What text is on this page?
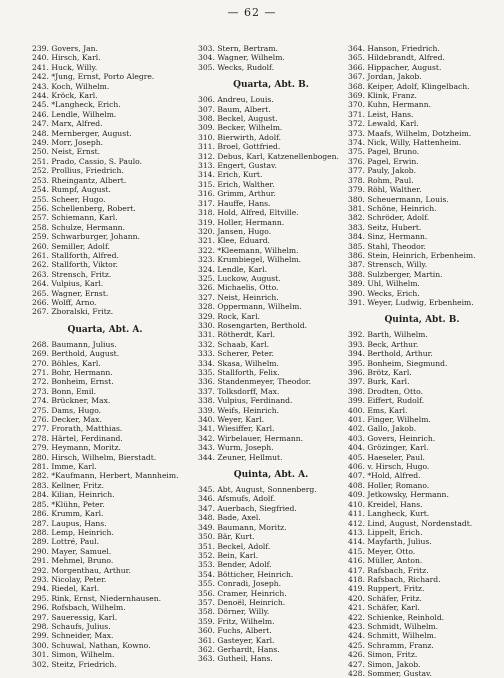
— 62 —
239. Govers, Jan.
240. Hirsch, Karl.
241. Huck, Willy.
242. *Jung, Ernst, Porto Alegre.
243. Koch, Wilhelm.
244. Kröck, Karl.
245. *Langheck, Erich.
246. Lendle, Wilhelm.
247. Marx, Alfred.
248. Mernberger, August.
249. Morr, Joseph.
250. Neist, Ernst.
251. Prado, Cassio, S. Paulo.
252. Prollius, Friedrich.
253. Rheingantz, Albert.
254. Rumpf, August.
255. Scheer, Hugo.
256. Schellenberg, Robert.
257. Schiemann, Karl.
258. Schulze, Hermann.
259. Schwarburger, Johann.
260. Semiller, Adolf.
261. Stallforth, Alfred.
262. Stallforth, Viktor.
263. Strensch, Fritz.
264. Vulpius, Karl.
265. Wagner, Ernst.
266. Wolff, Arno.
267. Zboralski, Fritz.
Quarta, Abt. A.
268. Baumann, Julius.
269. Berthold, August.
270. Böhles, Karl.
271. Bohr, Hermann.
272. Bonheim, Ernst.
273. Bonn, Emil.
274. Brückner, Max.
275. Dams, Hugo.
276. Decker, Max.
277. Frorath, Matthias.
278. Härtel, Ferdinand.
279. Heymann, Moritz.
280. Hirsch, Wilhelm, Bierstadt.
281. Imme, Karl.
282. *Kaufmann, Herbert, Mannheim.
283. Kellner, Fritz.
284. Kilian, Heinrich.
285. *Klühn, Peter.
286. Krumm, Karl.
287. Laupus, Hans.
288. Lemp, Heinrich.
289. Lottré, Paul.
290. Mayer, Samuel.
291. Mehmel, Bruno.
292. Morgenthau, Arthur.
293. Nicolay, Peter.
294. Riedel, Karl.
295. Rink, Ernst, Niedernhausen.
296. Rofsbach, Wilhelm.
297. Saueressig, Karl.
298. Schaufs, Julius.
299. Schneider, Max.
300. Schuwal, Nathan, Kowno.
301. Simon, Wilhelm.
302. Steitz, Friedrich.
303. Stern, Bertram.
304. Wagner, Wilhelm.
305. Wecks, Rudolf.
Quarta, Abt. B.
306. Andreu, Louis.
307. Baum, Albert.
308. Beckel, August.
309. Becker, Wilhelm.
310. Bierwirth, Adolf.
311. Broel, Gottfried.
312. Debus, Karl, Katzenellenbogen.
313. Engert, Gustav.
314. Erich, Kurt.
315. Erich, Walther.
316. Grimm, Arthur.
317. Hauffe, Hans.
318. Hold, Alfred, Eltville.
319. Holler, Hermann.
320. Jansen, Hugo.
321. Klee, Eduard.
322. *Kleemann, Wilhelm.
323. Krumbiegel, Wilhelm.
324. Lendle, Karl.
325. Luckow, August.
326. Michaelis, Otto.
327. Neist, Heinrich.
328. Oppermann, Wilhelm.
329. Rock, Karl.
330. Rosengarten, Berthold.
331. Rötherdt, Karl.
332. Schaab, Karl.
333. Scherer, Peter.
334. Skasa, Wilhelm.
335. Stallforth, Felix.
336. Standenmeyer, Theodor.
337. Tolksdorff, Max.
338. Vulpius, Ferdinand.
339. Weifs, Heinrich.
340. Weyer, Karl.
341. Wiesiffer, Karl.
342. Wirbelauer, Hermann.
343. Wurm, Joseph.
344. Zeuner, Hellmut.
Quinta, Abt. A.
345. Abt, August, Sonnenberg.
346. Afsmufs, Adolf.
347. Auerbach, Siegfried.
348. Bade, Axel.
349. Baumann, Moritz.
350. Bär, Kurt.
351. Beckel, Adolf.
352. Bein, Karl.
353. Bender, Adolf.
354. Bötticher, Heinrich.
355. Conradi, Joseph.
356. Cramer, Heinrich.
357. Denoël, Heinrich.
358. Dörner, Willy.
359. Fritz, Wilhelm.
360. Fuchs, Albert.
361. Gasteyer, Karl.
362. Gerhardt, Hans.
363. Gutheil, Hans.
364. Hanson, Friedrich.
365. Hildebrandt, Alfred.
366. Hippacher, August.
367. Jordan, Jakob.
368. Keiper, Adolf, Klingelbach.
369. Klink, Franz.
370. Kuhn, Hermann.
371. Leist, Hans.
372. Lewald, Karl.
373. Maafs, Wilhelm, Dotzheim.
374. Nick, Willy, Hattenheim.
375. Pagel, Bruno.
376. Pagel, Erwin.
377. Pauly, Jakob.
378. Rohm, Paul.
379. Röhl, Walther.
380. Scheuermann, Louis.
381. Schöne, Heinrich.
382. Schröder, Adolf.
383. Seitz, Hubert.
384. Sinz, Hermann.
385. Stahl, Theodor.
386. Stein, Heinrich, Erbenheim.
387. Strensch, Willy.
388. Sulzberger, Martin.
389. Uhl, Wilhelm.
390. Wecks, Erich.
391. Weyer, Ludwig, Erbenheim.
Quinta, Abt. B.
392. Barth, Wilhelm.
393. Beck, Arthur.
394. Berthold, Arthur.
395. Bonheim, Siegmund.
396. Brötz, Karl.
397. Burk, Karl.
398. Drodten, Otto.
399. Eiffert, Rudolf.
400. Ems, Karl.
401. Finger, Wilhelm.
402. Gallo, Jakob.
403. Govers, Heinrich.
404. Grözinger, Karl.
405. Haeseler, Paul.
406. v. Hirsch, Hugo.
407. *Hold, Alfred.
408. Holler, Romano.
409. Jetkowsky, Hermann.
410. Kreidel, Hans.
411. Langheck, Kurt.
412. Lind, August, Nordenstadt.
413. Lippelt, Erich.
414. Mayfarth, Julius.
415. Meyer, Otto.
416. Müller, Anton.
417. Rafsbach, Fritz.
418. Rafsbach, Richard.
419. Ruppert, Fritz.
420. Schäfer, Fritz.
421. Schäfer, Karl.
422. Schienke, Reinhold.
423. Schmidt, Wilhelm.
424. Schmitt, Wilhelm.
425. Schramm, Franz.
426. Simon, Fritz.
427. Simon, Jakob.
428. Sommer, Gustav.
